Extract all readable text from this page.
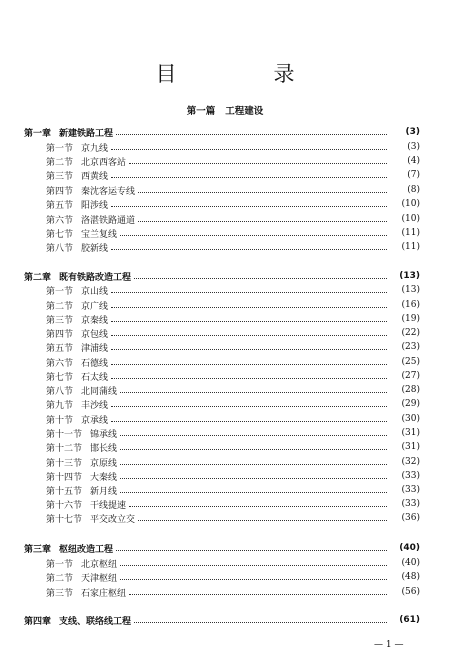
目　录
第一篇 工程建设
第一章 新建铁路工程	(3)
第一节 京九线	(3)
第二节 北京西客站	(4)
第三节 西黄线	(7)
第四节 秦沈客运专线	(8)
第五节 阳涉线	(10)
第六节 洛湛铁路通道	(10)
第七节 宝兰复线	(11)
第八节 胶新线	(11)
第二章 既有铁路改造工程	(13)
第一节 京山线	(13)
第二节 京广线	(16)
第三节 京秦线	(19)
第四节 京包线	(22)
第五节 津浦线	(23)
第六节 石德线	(25)
第七节 石太线	(27)
第八节 北同蒲线	(28)
第九节 丰沙线	(29)
第十节 京承线	(30)
第十一节 锦承线	(31)
第十二节 邯长线	(31)
第十三节 京原线	(32)
第十四节 大秦线	(33)
第十五节 新月线	(33)
第十六节 干线提速	(33)
第十七节 平交改立交	(36)
第三章 枢纽改造工程	(40)
第一节 北京枢纽	(40)
第二节 天津枢纽	(48)
第三节 石家庄枢纽	(56)
第四章 支线、联络线工程	(61)
— 1 —
